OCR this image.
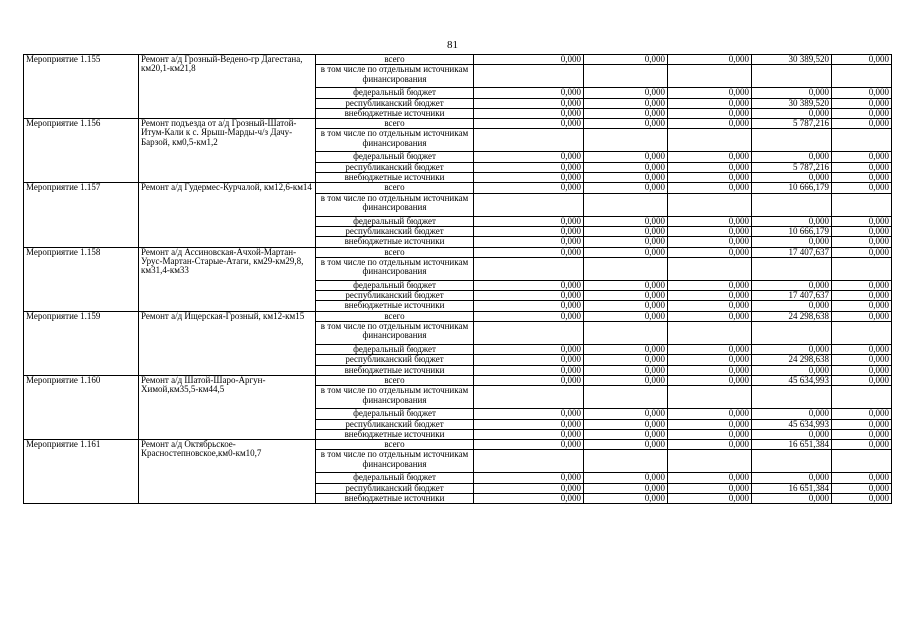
81
Мероприятие 1.155	Ремонт а/д Грозный-Ведено-гр Дагестана, км20,1-км21,8	всего	0,000	0,000	0,000	30 389,520	0,000
		в том числе по отдельным источникам финансирования					
		федеральный бюджет	0,000	0,000	0,000	0,000	0,000
		республиканский бюджет	0,000	0,000	0,000	30 389,520	0,000
		внебюджетные источники	0,000	0,000	0,000	0,000	0,000
Мероприятие 1.156	Ремонт подъезда от а/д Грозный-Шатой-Итум-Кали к с. Ярыш-Марды-ч/з Дачу-Барзой, км0,5-км1,2	всего	0,000	0,000	0,000	5 787,216	0,000
		в том числе по отдельным источникам финансирования					
		федеральный бюджет	0,000	0,000	0,000	0,000	0,000
		республиканский бюджет	0,000	0,000	0,000	5 787,216	0,000
		внебюджетные источники	0,000	0,000	0,000	0,000	0,000
Мероприятие 1.157	Ремонт а/д Гудермес-Курчалой, км12,6-км14	всего	0,000	0,000	0,000	10 666,179	0,000
		в том числе по отдельным источникам финансирования					
		федеральный бюджет	0,000	0,000	0,000	0,000	0,000
		республиканский бюджет	0,000	0,000	0,000	10 666,179	0,000
		внебюджетные источники	0,000	0,000	0,000	0,000	0,000
Мероприятие 1.158	Ремонт а/д Ассиновская-Ачхой-Мартан-Урус-Мартан-Старые-Атаги, км29-км29,8, км31,4-км33	всего	0,000	0,000	0,000	17 407,637	0,000
		в том числе по отдельным источникам финансирования					
		федеральный бюджет	0,000	0,000	0,000	0,000	0,000
		республиканский бюджет	0,000	0,000	0,000	17 407,637	0,000
		внебюджетные источники	0,000	0,000	0,000	0,000	0,000
Мероприятие 1.159	Ремонт а/д Ищерская-Грозный, км12-км15	всего	0,000	0,000	0,000	24 298,638	0,000
		в том числе по отдельным источникам финансирования					
		федеральный бюджет	0,000	0,000	0,000	0,000	0,000
		республиканский бюджет	0,000	0,000	0,000	24 298,638	0,000
		внебюджетные источники	0,000	0,000	0,000	0,000	0,000
Мероприятие 1.160	Ремонт а/д Шатой-Шаро-Аргун-Химой,км35,5-км44,5	всего	0,000	0,000	0,000	45 634,993	0,000
		в том числе по отдельным источникам финансирования					
		федеральный бюджет	0,000	0,000	0,000	0,000	0,000
		республиканский бюджет	0,000	0,000	0,000	45 634,993	0,000
		внебюджетные источники	0,000	0,000	0,000	0,000	0,000
Мероприятие 1.161	Ремонт а/д Октябрьское-Красностепновское,км0-км10,7	всего	0,000	0,000	0,000	16 651,384	0,000
		в том числе по отдельным источникам финансирования					
		федеральный бюджет	0,000	0,000	0,000	0,000	0,000
		республиканский бюджет	0,000	0,000	0,000	16 651,384	0,000
		внебюджетные источники	0,000	0,000	0,000	0,000	0,000
